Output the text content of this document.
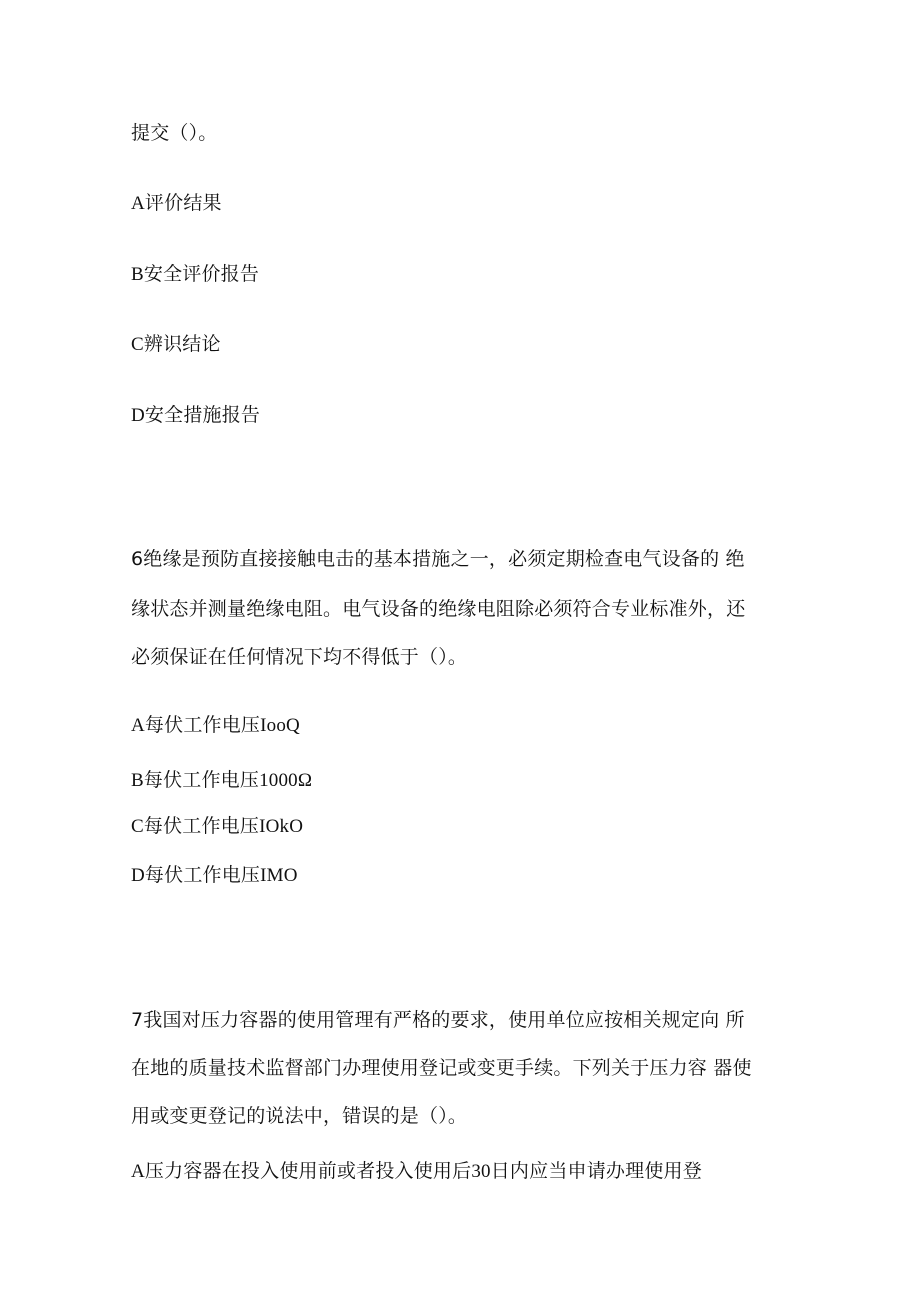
提交（）。
A评价结果
B安全评价报告
C辨识结论
D安全措施报告
6绝缘是预防直接接触电击的基本措施之一，必须定期检查电气设备的 绝
缘状态并测量绝缘电阻。电气设备的绝缘电阻除必须符合专业标准外，还
必须保证在任何情况下均不得低于（）。
A每伏工作电压IooQ
B每伏工作电压1000Ω
C每伏工作电压IOkO
D每伏工作电压IMO
7我国对压力容器的使用管理有严格的要求，使用单位应按相关规定向 所
在地的质量技术监督部门办理使用登记或变更手续。下列关于压力容 器使
用或变更登记的说法中，错误的是（）。
A压力容器在投入使用前或者投入使用后30日内应当申请办理使用登
